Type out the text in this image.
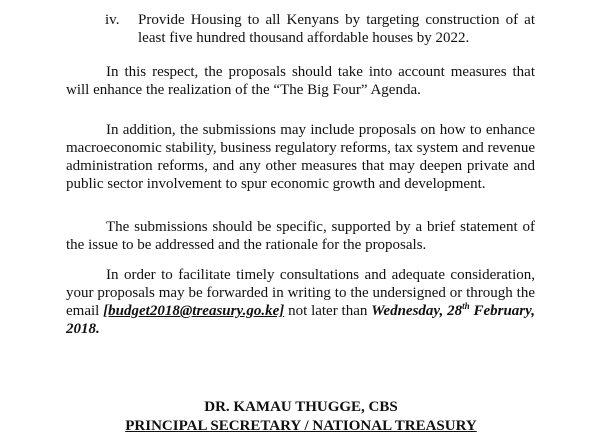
iv. Provide Housing to all Kenyans by targeting construction of at least five hundred thousand affordable houses by 2022.

In this respect, the proposals should take into account measures that will enhance the realization of the “The Big Four” Agenda.

In addition, the submissions may include proposals on how to enhance macroeconomic stability, business regulatory reforms, tax system and revenue administration reforms, and any other measures that may deepen private and public sector involvement to spur economic growth and development.

The submissions should be specific, supported by a brief statement of the issue to be addressed and the rationale for the proposals.

In order to facilitate timely consultations and adequate consideration, your proposals may be forwarded in writing to the undersigned or through the email [budget2018@treasury.go.ke] not later than Wednesday, 28th February, 2018.

DR. KAMAU THUGGE, CBS
PRINCIPAL SECRETARY / NATIONAL TREASURY
